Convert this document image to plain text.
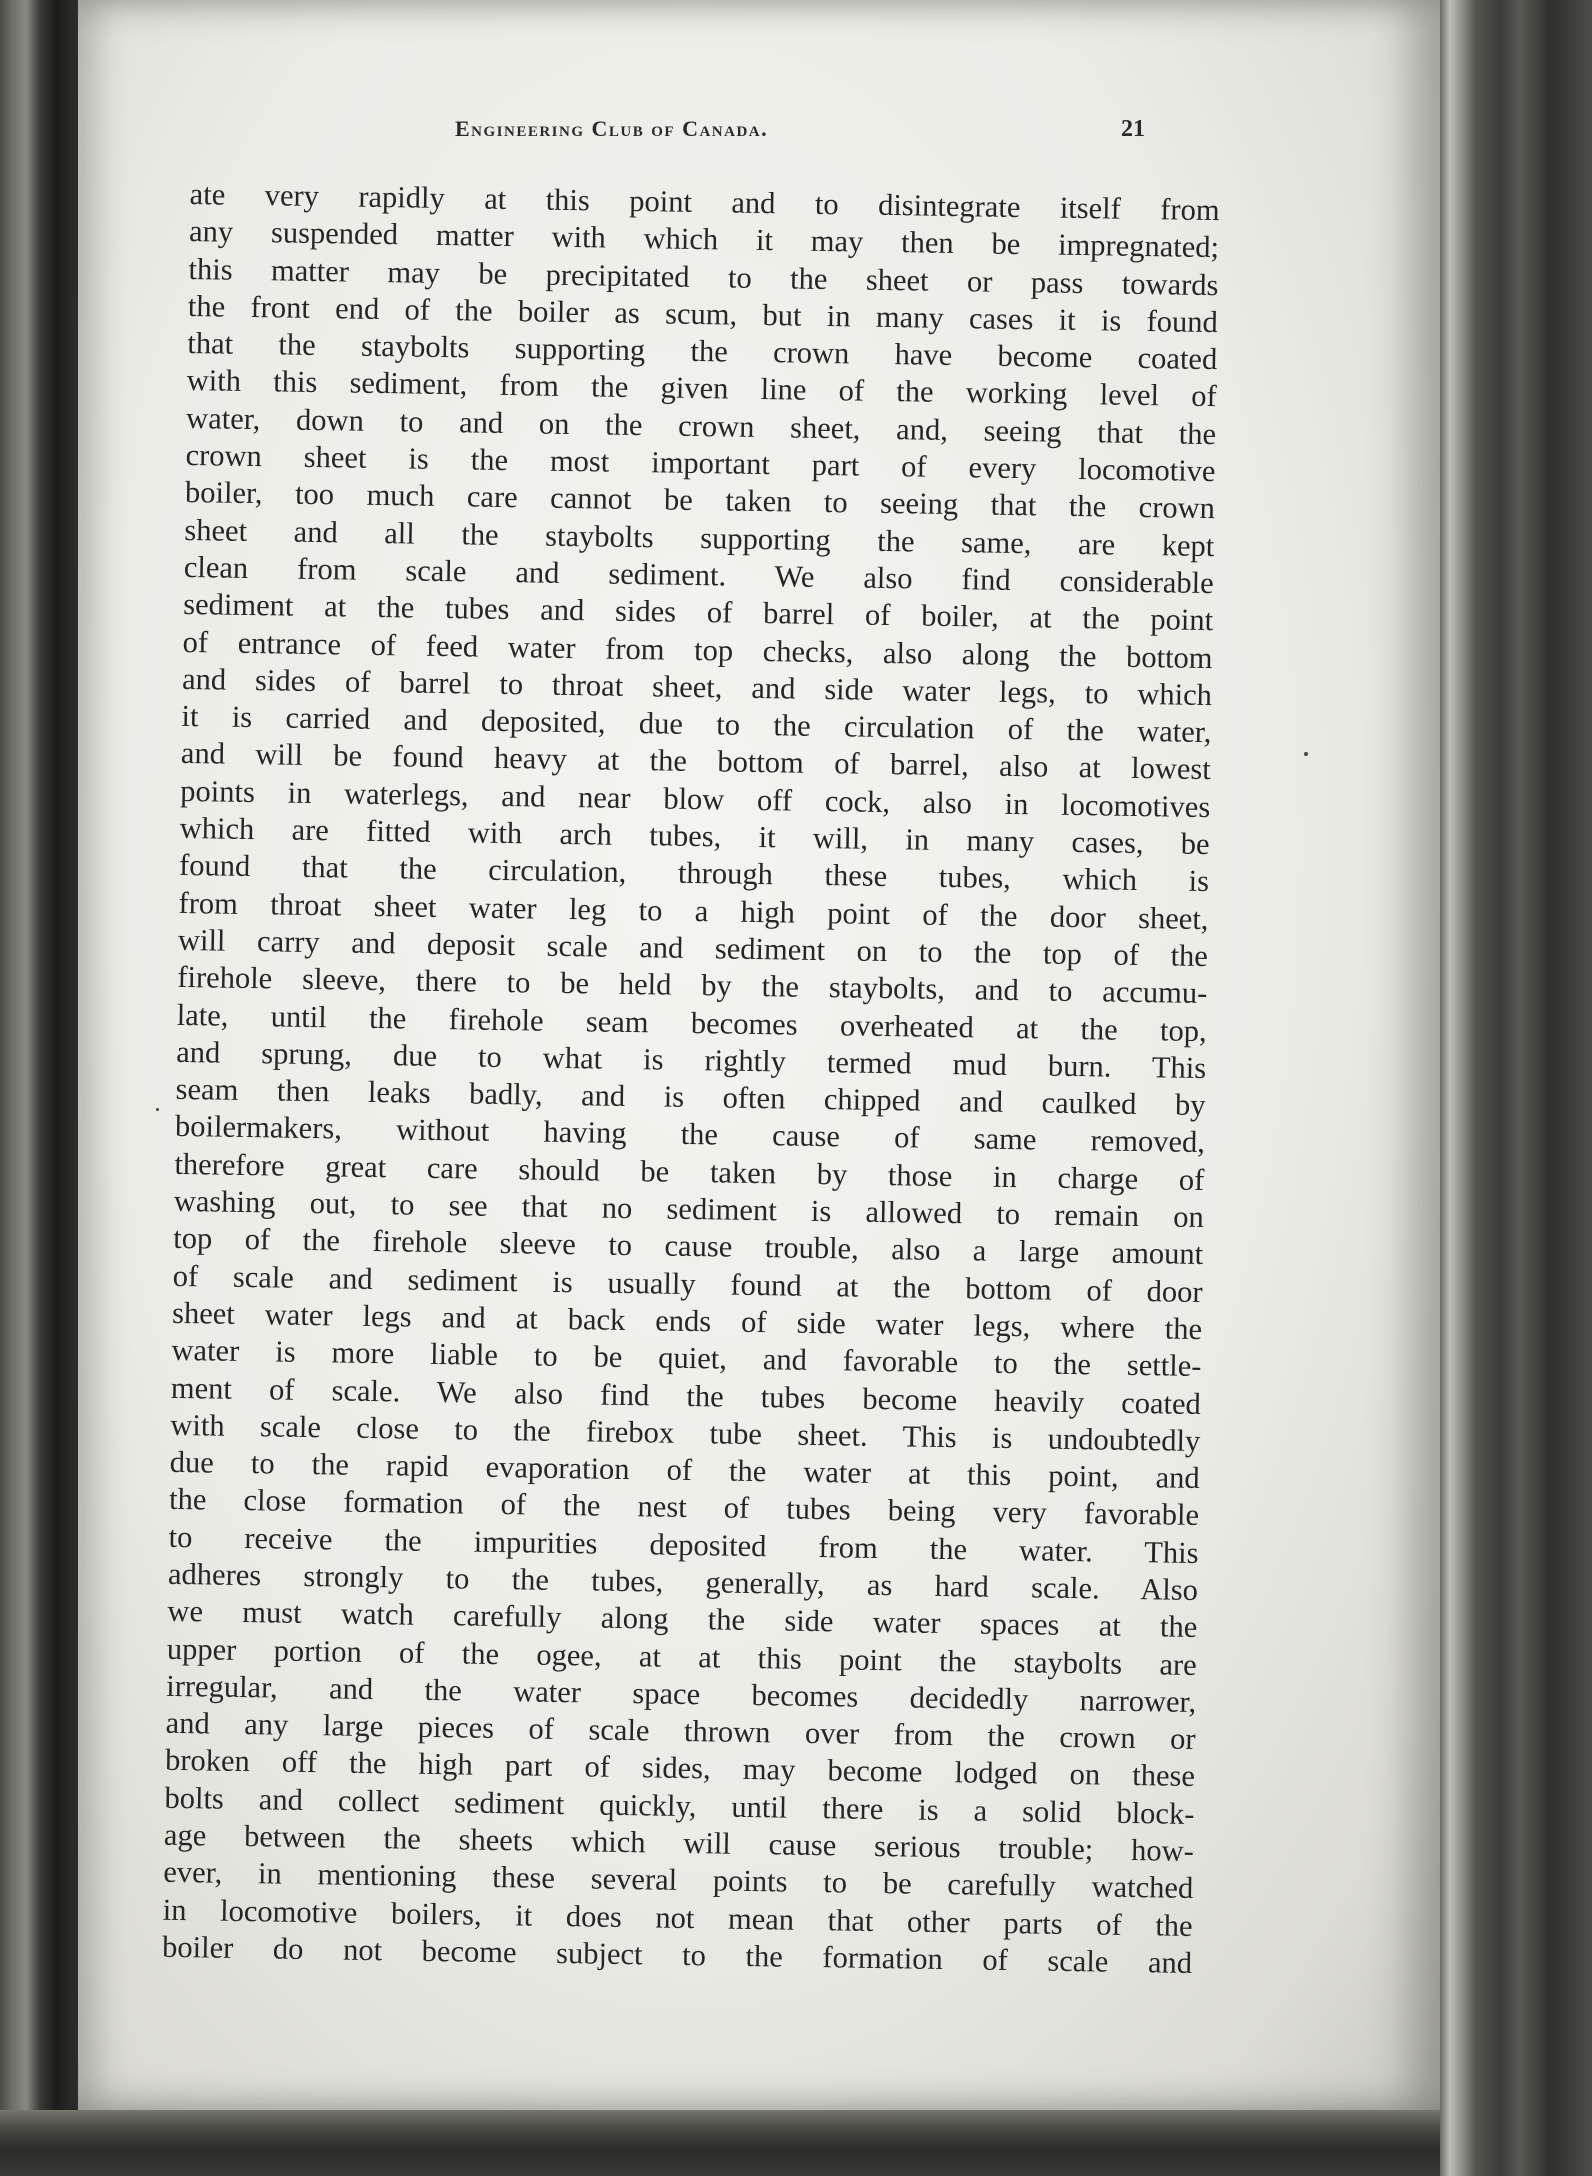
Engineering Club of Canada.	21
ate very rapidly at this point and to disintegrate itself from
any suspended matter with which it may then be impregnated;
this matter may be precipitated to the sheet or pass towards
the front end of the boiler as scum, but in many cases it is found
that the staybolts supporting the crown have become coated
with this sediment, from the given line of the working level of
water, down to and on the crown sheet, and, seeing that the
crown sheet is the most important part of every locomotive
boiler, too much care cannot be taken to seeing that the crown
sheet and all the staybolts supporting the same, are kept
clean from scale and sediment. We also find considerable
sediment at the tubes and sides of barrel of boiler, at the point
of entrance of feed water from top checks, also along the bottom
and sides of barrel to throat sheet, and side water legs, to which
it is carried and deposited, due to the circulation of the water,
and will be found heavy at the bottom of barrel, also at lowest
points in waterlegs, and near blow off cock, also in locomotives
which are fitted with arch tubes, it will, in many cases, be
found that the circulation, through these tubes, which is
from throat sheet water leg to a high point of the door sheet,
will carry and deposit scale and sediment on to the top of the
firehole sleeve, there to be held by the staybolts, and to accumu-
late, until the firehole seam becomes overheated at the top,
and sprung, due to what is rightly termed mud burn. This
seam then leaks badly, and is often chipped and caulked by
boilermakers, without having the cause of same removed,
therefore great care should be taken by those in charge of
washing out, to see that no sediment is allowed to remain on
top of the firehole sleeve to cause trouble, also a large amount
of scale and sediment is usually found at the bottom of door
sheet water legs and at back ends of side water legs, where the
water is more liable to be quiet, and favorable to the settle-
ment of scale. We also find the tubes become heavily coated
with scale close to the firebox tube sheet. This is undoubtedly
due to the rapid evaporation of the water at this point, and
the close formation of the nest of tubes being very favorable
to receive the impurities deposited from the water. This
adheres strongly to the tubes, generally, as hard scale. Also
we must watch carefully along the side water spaces at the
upper portion of the ogee, at at this point the staybolts are
irregular, and the water space becomes decidedly narrower,
and any large pieces of scale thrown over from the crown or
broken off the high part of sides, may become lodged on these
bolts and collect sediment quickly, until there is a solid block-
age between the sheets which will cause serious trouble; how-
ever, in mentioning these several points to be carefully watched
in locomotive boilers, it does not mean that other parts of the
boiler do not become subject to the formation of scale and
